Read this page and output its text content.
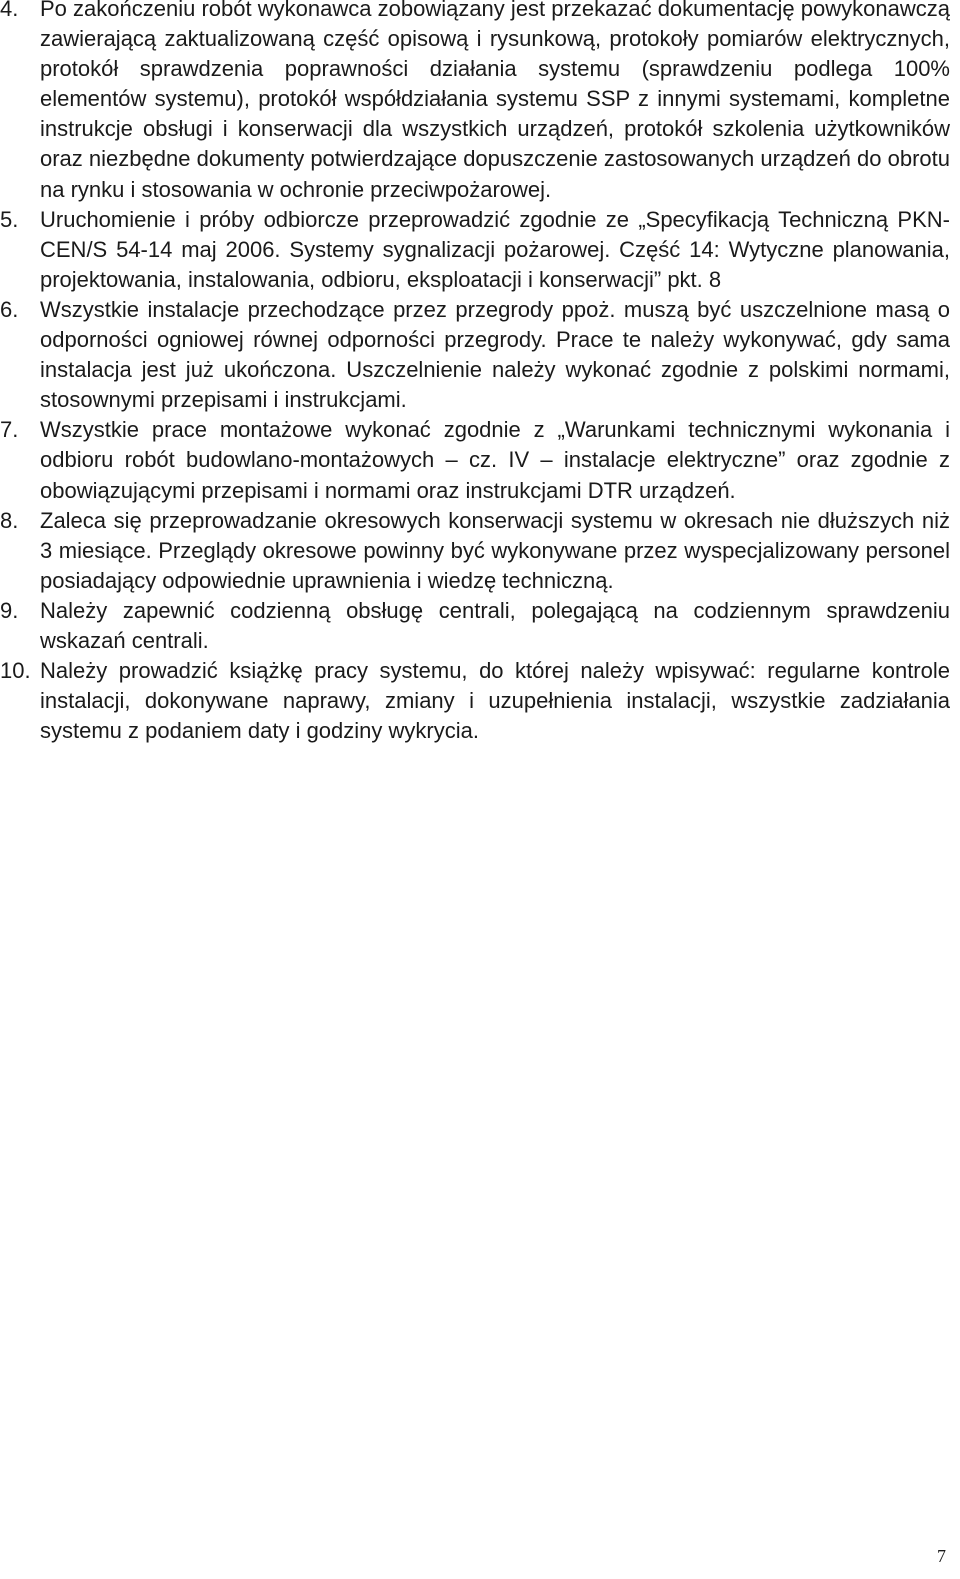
4. Po zakończeniu robót wykonawca zobowiązany jest przekazać dokumentację powykonawczą zawierającą zaktualizowaną część opisową i rysunkową, protokoły pomiarów elektrycznych, protokół sprawdzenia poprawności działania systemu (sprawdzeniu podlega 100% elementów systemu), protokół współdziałania systemu SSP z innymi systemami, kompletne instrukcje obsługi i konserwacji dla wszystkich urządzeń, protokół szkolenia użytkowników oraz niezbędne dokumenty potwierdzające dopuszczenie zastosowanych urządzeń do obrotu na rynku i stosowania w ochronie przeciwpożarowej.
5. Uruchomienie i próby odbiorcze przeprowadzić zgodnie ze „Specyfikacją Techniczną PKN-CEN/S 54-14 maj 2006. Systemy sygnalizacji pożarowej. Część 14: Wytyczne planowania, projektowania, instalowania, odbioru, eksploatacji i konserwacji” pkt. 8
6. Wszystkie instalacje przechodzące przez przegrody ppoż. muszą być uszczelnione masą o odporności ogniowej równej odporności przegrody. Prace te należy wykonywać, gdy sama instalacja jest już ukończona. Uszczelnienie należy wykonać zgodnie z polskimi normami, stosownymi przepisami i instrukcjami.
7. Wszystkie prace montażowe wykonać zgodnie z „Warunkami technicznymi wykonania i odbioru robót budowlano-montażowych – cz. IV – instalacje elektryczne” oraz zgodnie z obowiązującymi przepisami i normami oraz instrukcjami DTR urządzeń.
8. Zaleca się przeprowadzanie okresowych konserwacji systemu w okresach nie dłuższych niż 3 miesiące. Przeglądy okresowe powinny być wykonywane przez wyspecjalizowany personel posiadający odpowiednie uprawnienia i wiedzę techniczną.
9. Należy zapewnić codzienną obsługę centrali, polegającą na codziennym sprawdzeniu wskazań centrali.
10. Należy prowadzić książkę pracy systemu, do której należy wpisywać: regularne kontrole instalacji, dokonywane naprawy, zmiany i uzupełnienia instalacji, wszystkie zadziałania systemu z podaniem daty i godziny wykrycia.
7
